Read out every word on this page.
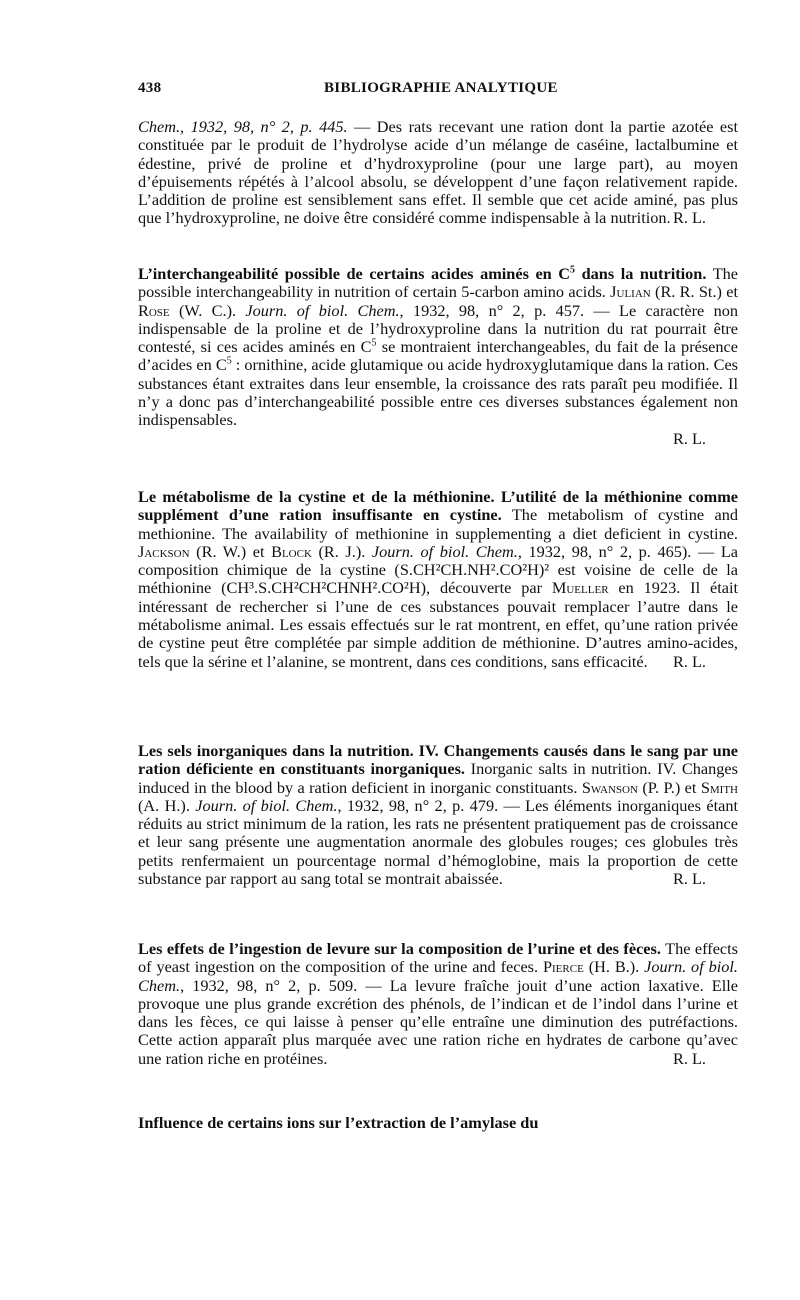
438	BIBLIOGRAPHIE ANALYTIQUE
Chem., 1932, 98, n° 2, p. 445. — Des rats recevant une ration dont la partie azotée est constituée par le produit de l’hydrolyse acide d’un mélange de caséine, lactalbumine et édestine, privé de proline et d’hydroxyproline (pour une large part), au moyen d’épuisements répétés à l’alcool absolu, se développent d’une façon relativement rapide. L’addition de proline est sensiblement sans effet. Il semble que cet acide aminé, pas plus que l’hydroxyproline, ne doive être considéré comme indispensable à la nutrition. R. L.
L’interchangeabilité possible de certains acides aminés en $C^5$ dans la nutrition. The possible interchangeability in nutrition of certain 5-carbon amino acids. Julian (R. R. St.) et Rose (W. C.). Journ. of biol. Chem., 1932, 98, n° 2, p. 457. — Le caractère non indispensable de la proline et de l’hydroxyproline dans la nutrition du rat pourrait être contesté, si ces acides aminés en $C^5$ se montraient interchangeables, du fait de la présence d’acides en $C^5$ : ornithine, acide glutamique ou acide hydroxyglutamique dans la ration. Ces substances étant extraites dans leur ensemble, la croissance des rats paraît peu modifiée. Il n’y a donc pas d’interchangeabilité possible entre ces diverses substances également non indispensables.
R. L.
Le métabolisme de la cystine et de la méthionine. L’utilité de la méthionine comme supplément d’une ration insuffisante en cystine. The metabolism of cystine and methionine. The availability of methionine in supplementing a diet deficient in cystine. Jackson (R. W.) et Block (R. J.). Journ. of biol. Chem., 1932, 98, n° 2, p. 465). — La composition chimique de la cystine (S.CH²CH.NH².CO²H)² est voisine de celle de la méthionine (CH³.S.CH²CH²CHNH².CO²H), découverte par Mueller en 1923. Il était intéressant de rechercher si l’une de ces substances pouvait remplacer l’autre dans le métabolisme animal. Les essais effectués sur le rat montrent, en effet, qu’une ration privée de cystine peut être complétée par simple addition de méthionine. D’autres amino-acides, tels que la sérine et l’alanine, se montrent, dans ces conditions, sans efficacité. R. L.
Les sels inorganiques dans la nutrition. IV. Changements causés dans le sang par une ration déficiente en constituants inorganiques. Inorganic salts in nutrition. IV. Changes induced in the blood by a ration deficient in inorganic constituants. Swanson (P. P.) et Smith (A. H.). Journ. of biol. Chem., 1932, 98, n° 2, p. 479. — Les éléments inorganiques étant réduits au strict minimum de la ration, les rats ne présentent pratiquement pas de croissance et leur sang présente une augmentation anormale des globules rouges; ces globules très petits renfermaient un pourcentage normal d’hémoglobine, mais la proportion de cette substance par rapport au sang total se montrait abaissée.	R. L.
Les effets de l’ingestion de levure sur la composition de l’urine et des fèces. The effects of yeast ingestion on the composition of the urine and feces. Pierce (H. B.). Journ. of biol. Chem., 1932, 98, n° 2, p. 509. — La levure fraîche jouit d’une action laxative. Elle provoque une plus grande excrétion des phénols, de l’indican et de l’indol dans l’urine et dans les fèces, ce qui laisse à penser qu’elle entraîne une diminution des putréfactions. Cette action apparaît plus marquée avec une ration riche en hydrates de carbone qu’avec une ration riche en protéines.	R. L.
Influence de certains ions sur l’extraction de l’amylase du
